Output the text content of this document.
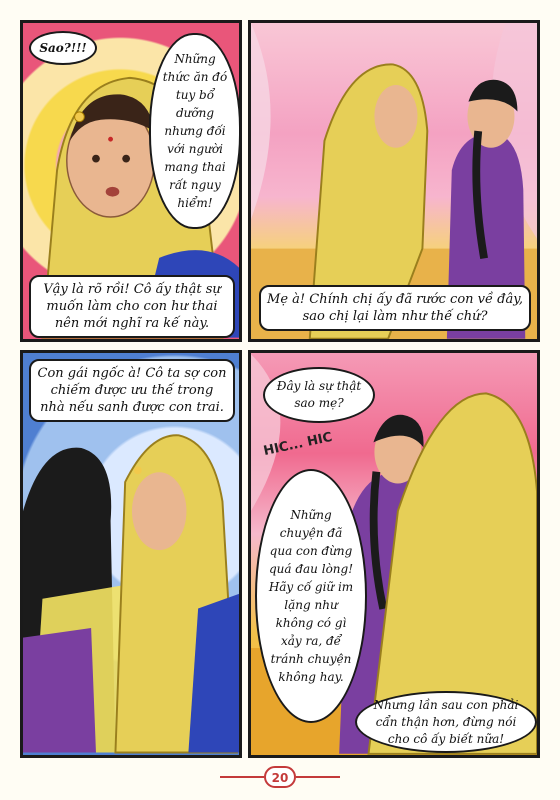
Sao?!!!
Những thức ăn đó tuy bổ dưỡng nhưng đối với người mang thai rất nguy hiểm!
Vậy là rõ rồi! Cô ấy thật sự muốn làm cho con hư thai nên mới nghĩ ra kế này.
Mẹ à! Chính chị ấy đã rước con về đây, sao chị lại làm như thế chứ?
Con gái ngốc à! Cô ta sợ con chiếm được ưu thế trong nhà nếu sanh được con trai.
Đây là sự thật sao mẹ?
HIC... HIC
Những chuyện đã qua con đừng quá đau lòng! Hãy cố giữ im lặng như không có gì xảy ra, để tránh chuyện không hay.
Nhưng lần sau con phải cẩn thận hơn, đừng nói cho cô ấy biết nữa!
20
